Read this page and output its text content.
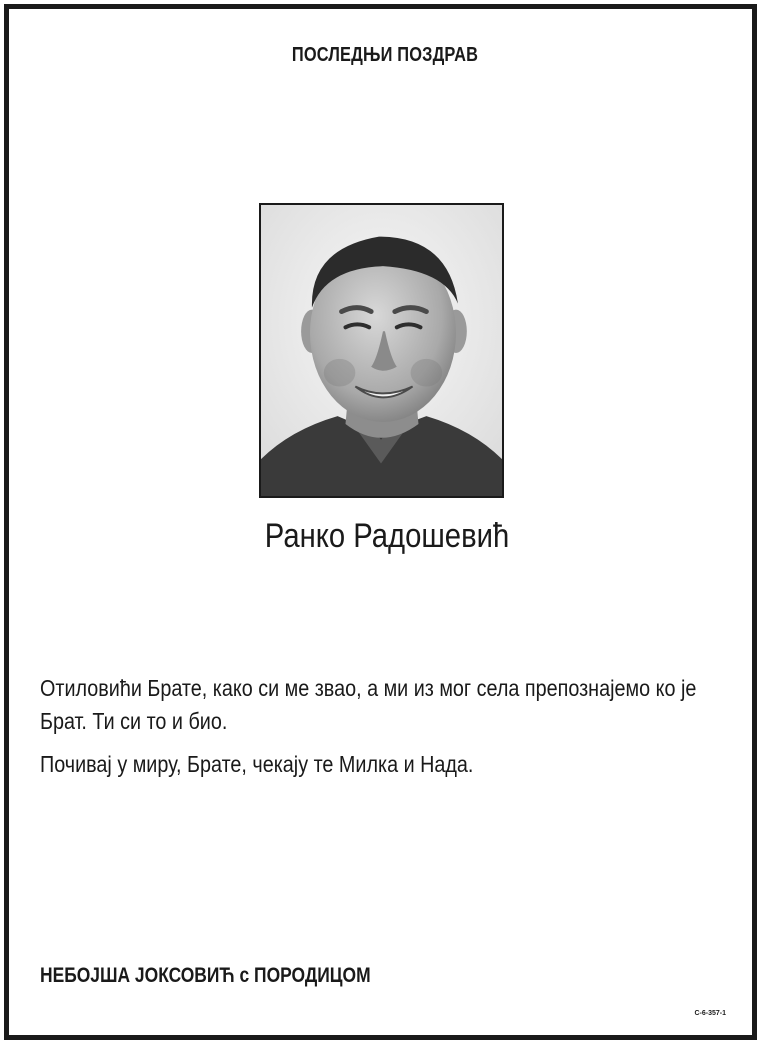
ПОСЛЕДЊИ ПОЗДРАВ
Ранко Радошевић
Отиловићи Брате, како си ме звао, а ми из мог села препознајемо ко је Брат. Ти си то и био.
Почивај у миру, Брате, чекају те Милка и Нада.
НЕБОЈША ЈОКСОВИЋ с ПОРОДИЦОМ
С-6-357-1
